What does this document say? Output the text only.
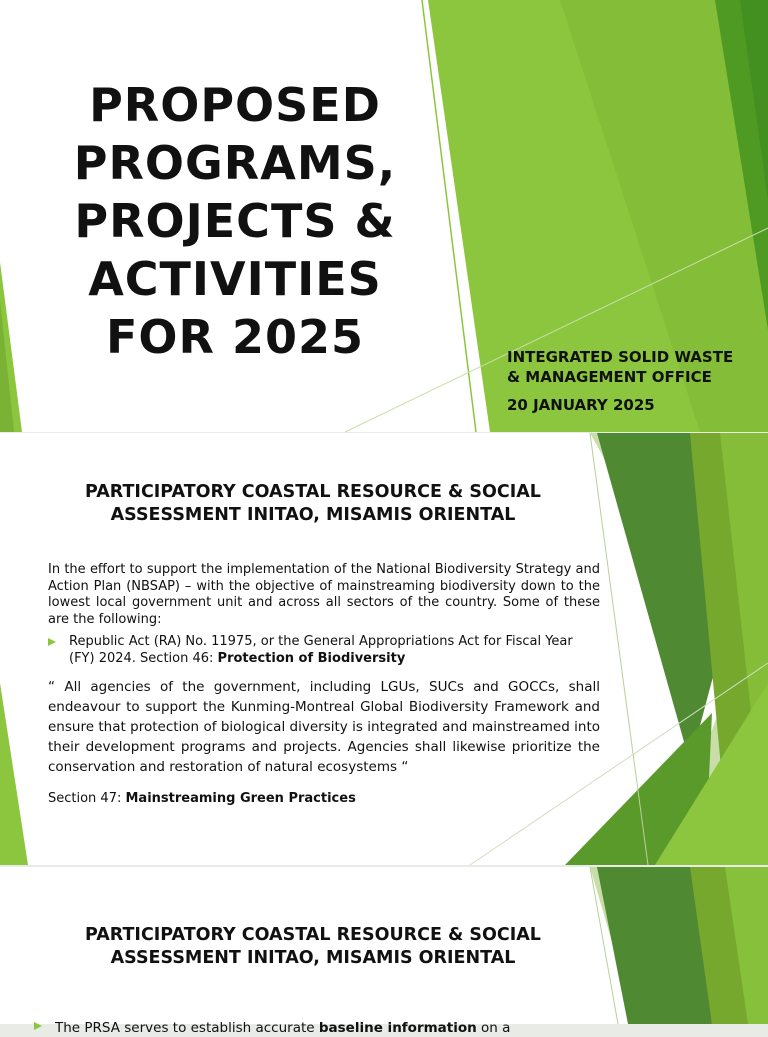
PROPOSED
PROGRAMS,
PROJECTS &
ACTIVITIES
FOR 2025	INTEGRATED SOLID WASTE
& MANAGEMENT OFFICE
20 JANUARY 2025
PARTICIPATORY COASTAL RESOURCE & SOCIAL
ASSESSMENT INITAO, MISAMIS ORIENTAL

In the effort to support the implementation of the National Biodiversity Strategy and Action Plan (NBSAP) – with the objective of mainstreaming biodiversity down to the lowest local government unit and across all sectors of the country. Some of these are the following:

Republic Act (RA) No. 11975, or the General Appropriations Act for Fiscal Year (FY) 2024. Section 46: Protection of Biodiversity

“ All agencies of the government, including LGUs, SUCs and GOCCs, shall endeavour to support the Kunming-Montreal Global Biodiversity Framework and ensure that protection of biological diversity is integrated and mainstreamed into their development programs and projects. Agencies shall likewise prioritize the conservation and restoration of natural ecosystems “

Section 47: Mainstreaming Green Practices
PARTICIPATORY COASTAL RESOURCE & SOCIAL
ASSESSMENT INITAO, MISAMIS ORIENTAL
The PRSA serves to establish accurate baseline information on a
